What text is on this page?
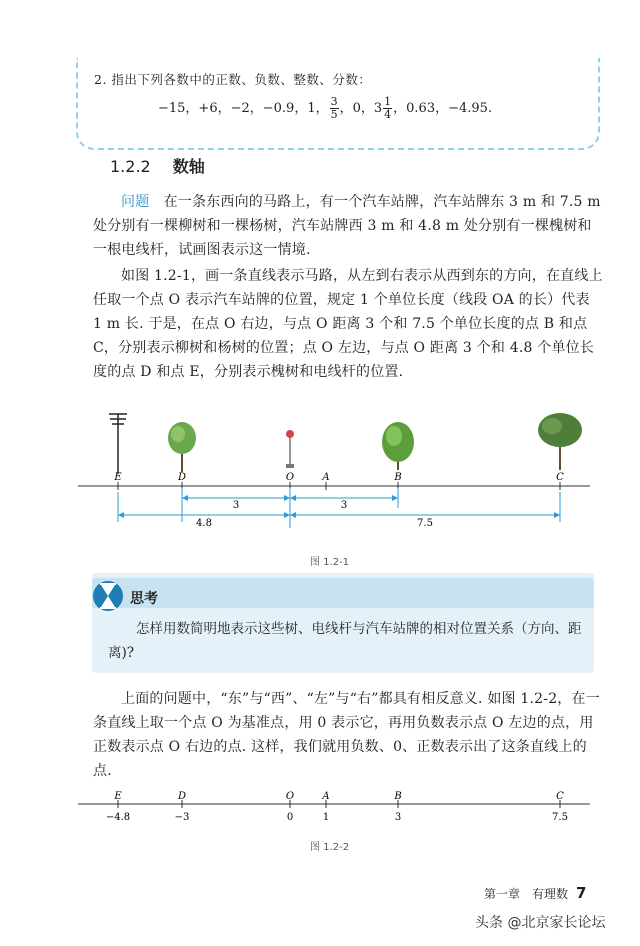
2. 指出下列各数中的正数、负数、整数、分数：
−15，+6，−2，−0.9，1， $\frac{3}{5}$ ，0，$3 \frac{1}{4}$ ，0.63，−4.95.
1.2.2 数轴

问题　 在一条东西向的马路上，有一个汽车站牌，汽车站牌东 3 m 和 7.5 m 处分别有一棵柳树和一棵杨树，汽车站牌西 3 m 和 4.8 m 处分别有一棵槐树和一根电线杆，试画图表示这一情境.

如图 1.2-1，画一条直线表示马路，从左到右表示从西到东的方向，在直线上任取一个点 O 表示汽车站牌的位置，规定 1 个单位长度（线段 OA 的长）代表 1 m 长. 于是，在点 O 右边，与点 O 距离 3 个和 7.5 个单位长度的点 B 和点 C，分别表示柳树和杨树的位置；点 O 左边，与点 O 距离 3 个和 4.8 个单位长度的点 D 和点 E，分别表示槐树和电线杆的位置.

E	D	O	A	B	C
3	3
4.8	7.5
图 1.2-1
思考

怎样用数简明地表示这些树、电线杆与汽车站牌的相对位置关系（方向、距离)?

上面的问题中，“东”与“西”、“左”与“右”都具有相反意义. 如图 1.2-2，在一条直线上取一个点 O 为基准点，用 0 表示它，再用负数表示点 O 左边的点，用正数表示点 O 右边的点. 这样，我们就用负数、0、正数表示出了这条直线上的点.

E	D	O	A	B	C
−4.8	−3	0	1	3	7.5
图 1.2-2
第一章　有理数 7
头条 @北京家长论坛
